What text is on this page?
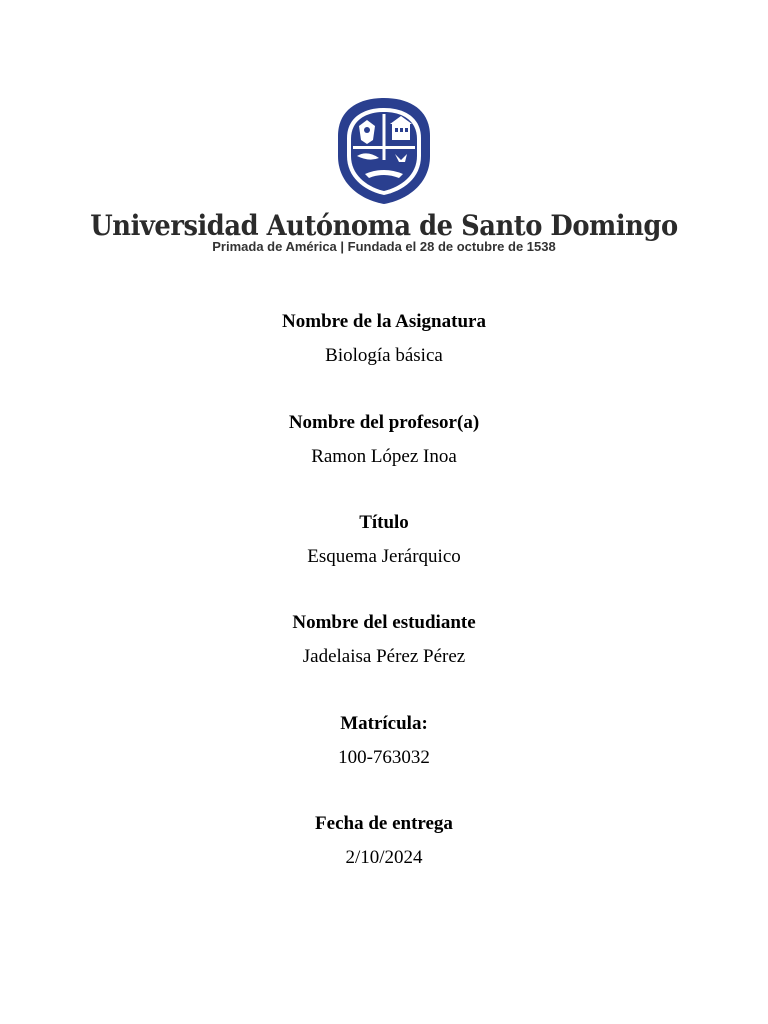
Universidad Autónoma de Santo Domingo
Primada de América | Fundada el 28 de octubre de 1538
Nombre de la Asignatura
Biología básica
Nombre del profesor(a)
Ramon López Inoa
Título
Esquema Jerárquico
Nombre del estudiante
Jadelaisa Pérez Pérez
Matrícula:
100-763032
Fecha de entrega
2/10/2024
